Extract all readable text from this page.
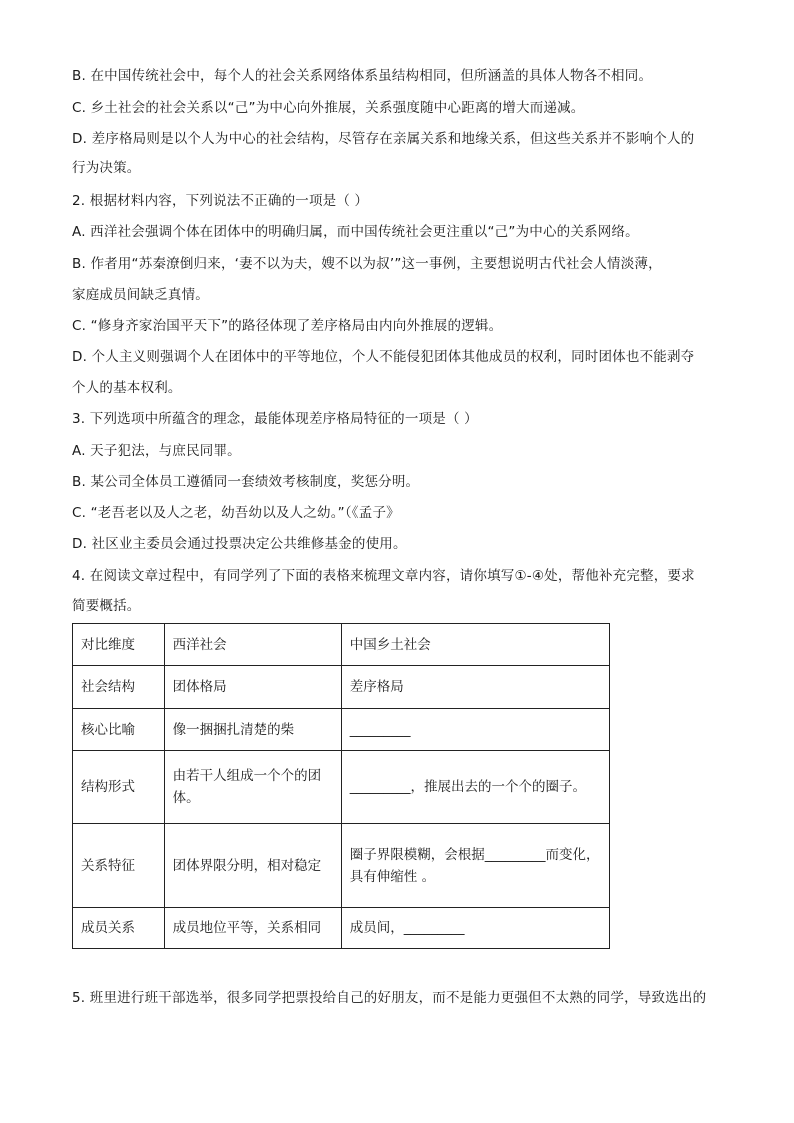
B. 在中国传统社会中，每个人的社会关系网络体系虽结构相同，但所涵盖的具体人物各不相同。
C. 乡土社会的社会关系以“己”为中心向外推展，关系强度随中心距离的增大而递减。
D. 差序格局则是以个人为中心的社会结构，尽管存在亲属关系和地缘关系，但这些关系并不影响个人的
行为决策。
2. 根据材料内容，下列说法不正确的一项是（ ）
A. 西洋社会强调个体在团体中的明确归属，而中国传统社会更注重以“己”为中心的关系网络。
B. 作者用“苏秦潦倒归来，‘妻不以为夫，嫂不以为叔’”这一事例，主要想说明古代社会人情淡薄，
家庭成员间缺乏真情。
C. “修身齐家治国平天下”的路径体现了差序格局由内向外推展的逻辑。
D. 个人主义则强调个人在团体中的平等地位，个人不能侵犯团体其他成员的权利，同时团体也不能剥夺
个人的基本权利。
3. 下列选项中所蕴含的理念，最能体现差序格局特征的一项是（ ）
A. 天子犯法，与庶民同罪。
B. 某公司全体员工遵循同一套绩效考核制度，奖惩分明。
C. “老吾老以及人之老，幼吾幼以及人之幼。”（《孟子》
D. 社区业主委员会通过投票决定公共维修基金的使用。
4. 在阅读文章过程中，有同学列了下面的表格来梳理文章内容，请你填写①-④处，帮他补充完整，要求
简要概括。
对比维度	西洋社会	中国乡土社会
社会结构	团体格局	差序格局
核心比喻	像一捆捆扎清楚的柴	_________
结构形式	由若干人组成一个个的团体。	_________，推展出去的一个个的圈子。
关系特征	团体界限分明，相对稳定	圈子界限模糊，会根据_________而变化，具有伸缩性 。
成员关系	成员地位平等，关系相同	成员间，_________
5. 班里进行班干部选举，很多同学把票投给自己的好朋友，而不是能力更强但不太熟的同学，导致选出的
